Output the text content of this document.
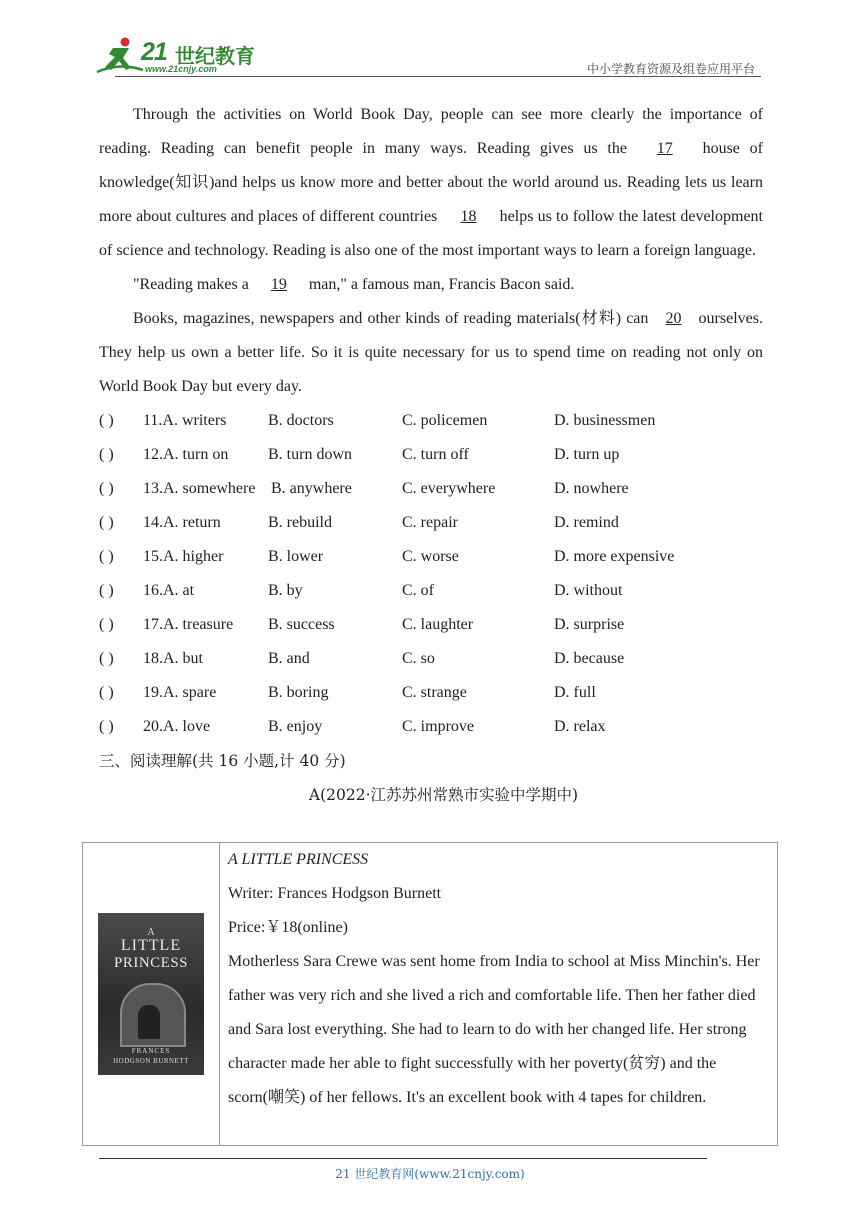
21 世纪教育
www.21cnjy.com	中小学教育资源及组卷应用平台

Through the activities on World Book Day, people can see more clearly the importance of reading. Reading can benefit people in many ways. Reading gives us the 17 house of knowledge(知识)and helps us know more and better about the world around us. Reading lets us learn more about cultures and places of different countries 18 helps us to follow the latest development of science and technology. Reading is also one of the most important ways to learn a foreign language.

"Reading makes a 19 man," a famous man, Francis Bacon said.

Books, magazines, newspapers and other kinds of reading materials(材料) can 20 ourselves. They help us own a better life. So it is quite necessary for us to spend time on reading not only on World Book Day but every day.

( ) 11.A. writers	B. doctors	C. policemen	D. businessmen
( ) 12.A. turn on B. turn down	C. turn off	D. turn up
( ) 13.A. somewhere B. anywhere	C. everywhere	D. nowhere
( ) 14.A. return	B. rebuild	C. repair	D. remind
( ) 15.A. higher	B. lower	C. worse	D. more expensive
( ) 16.A. at	B. by	C. of	D. without
( ) 17.A. treasure B. success	C. laughter	D. surprise
( ) 18.A. but	B. and	C. so	D. because
( ) 19.A. spare	B. boring	C. strange	D. full
( ) 20.A. love	B. enjoy	C. improve	D. relax
三、阅读理解(共 16 小题,计 40 分)
A(2022·江苏苏州常熟市实验中学期中)
A
LITTLE
PRINCESS
FRANCES
HODGSON BURNETT

A LITTLE PRINCESS

Writer: Frances Hodgson Burnett

Price:￥18(online)

Motherless Sara Crewe was sent home from India to school at Miss Minchin's. Her father was very rich and she lived a rich and comfortable life. Then her father died and Sara lost everything. She had to learn to do with her changed life. Her strong character made her able to fight successfully with her poverty(贫穷) and the scorn(嘲笑) of her fellows. It's an excellent book with 4 tapes for children.

21 世纪教育网(www.21cnjy.com)
